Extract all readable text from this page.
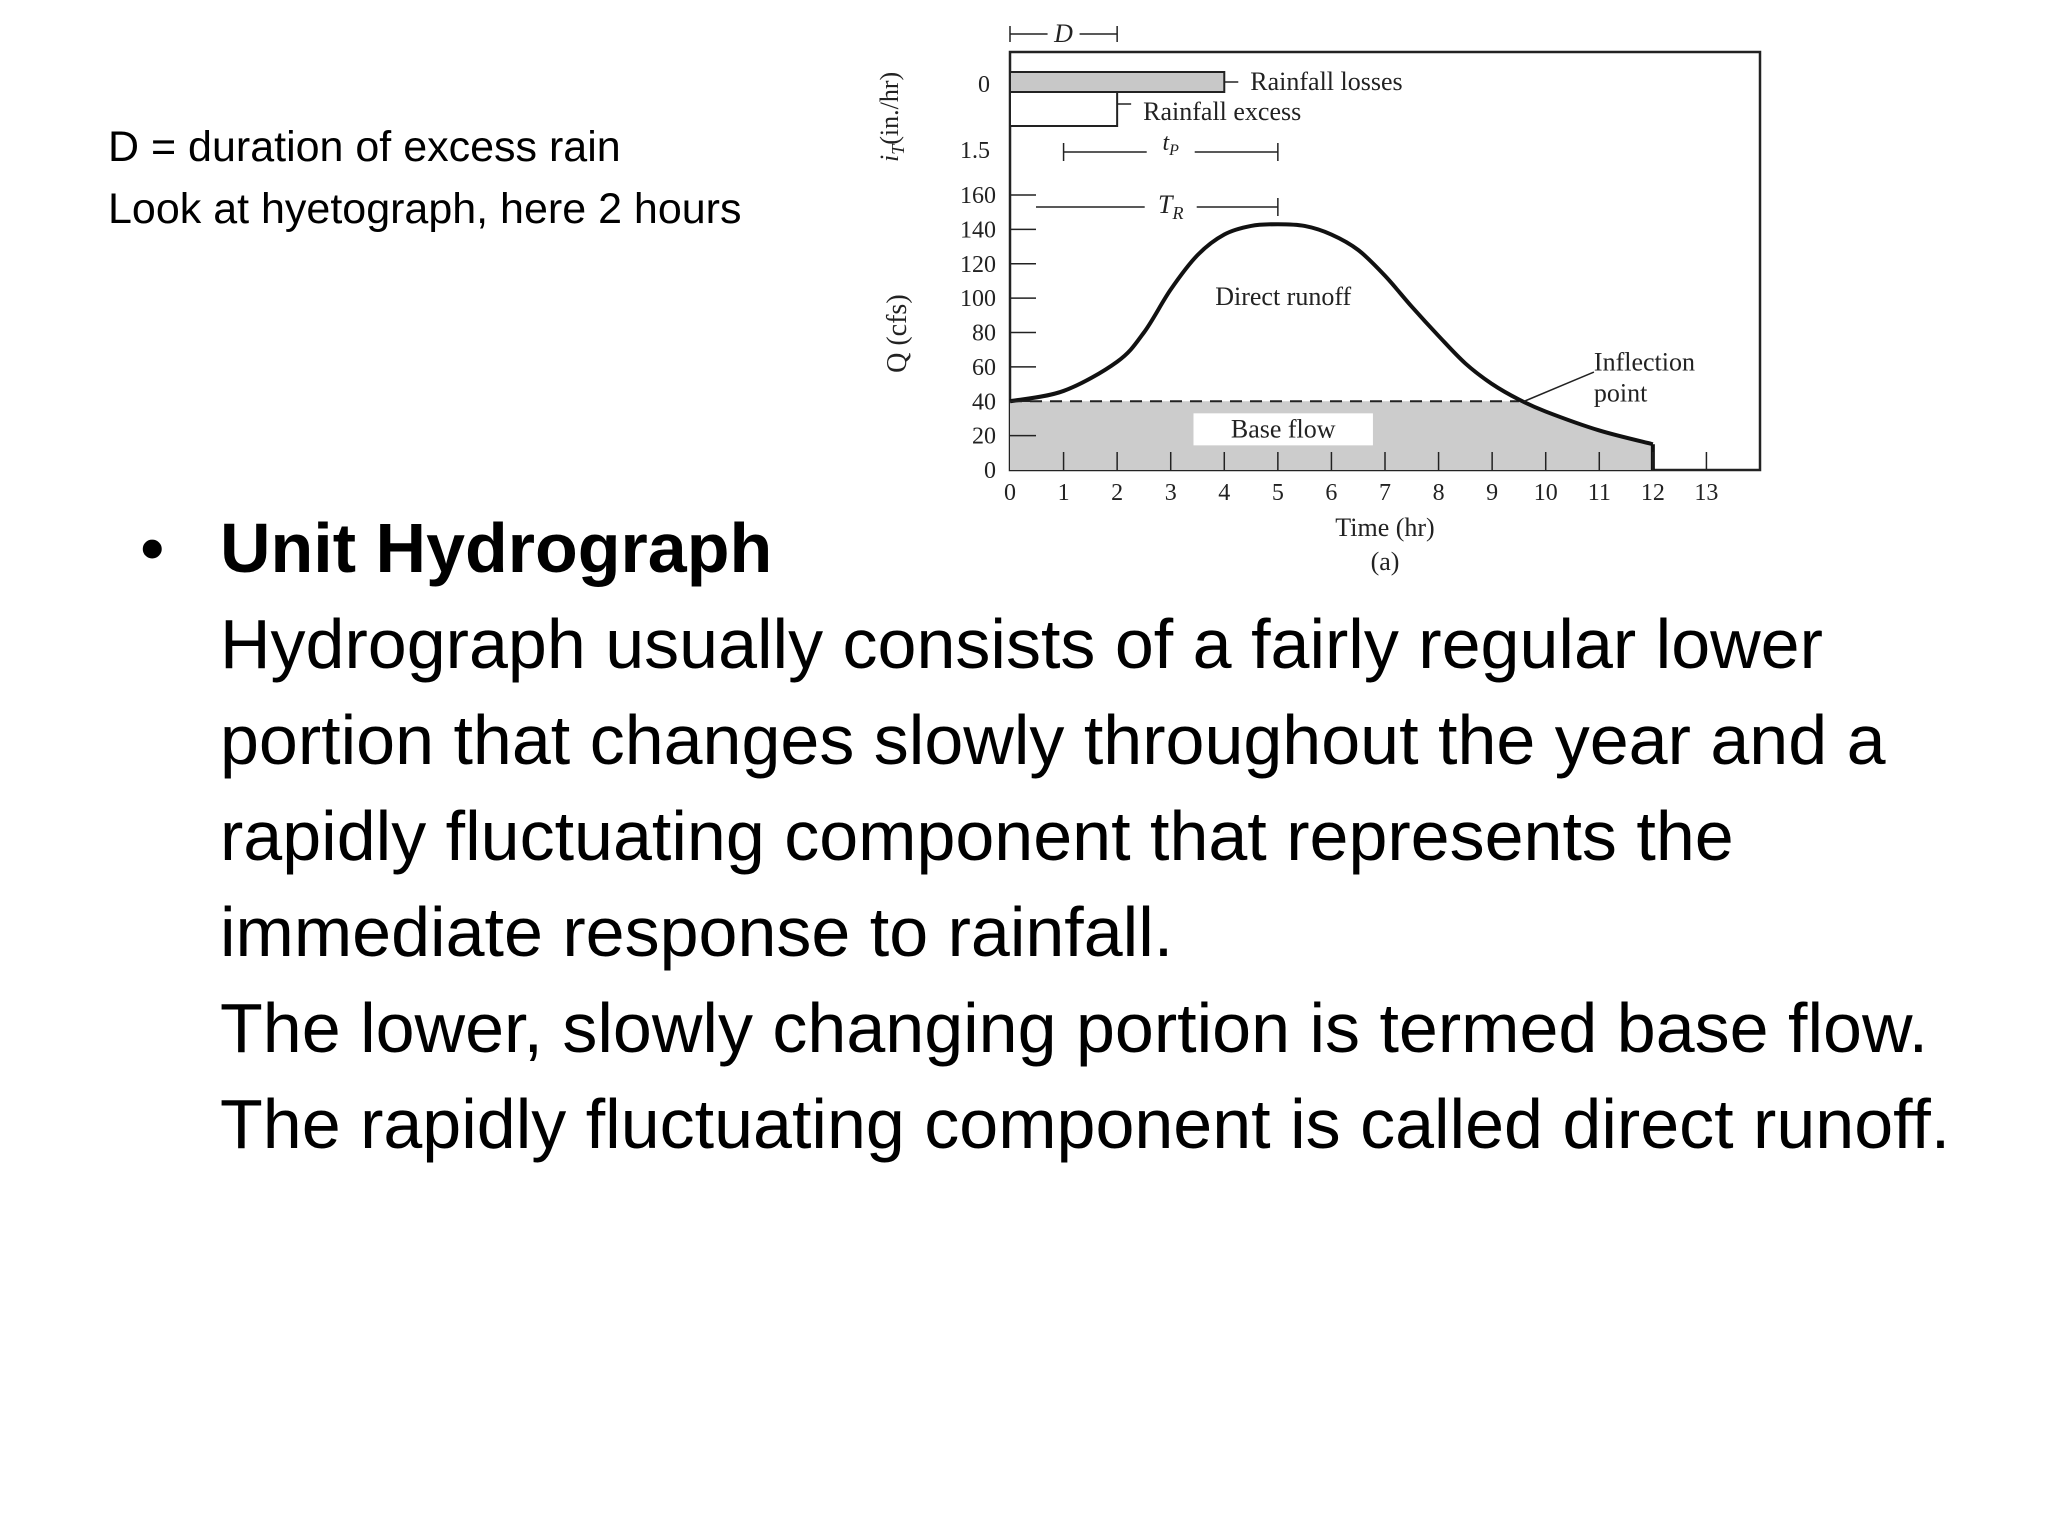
D = duration of excess rain
Look at hyetograph, here 2 hours
Rainfall losses
Rainfall excess
0
1.5
$i_T(in./hr)$
D
$t_P$
$T_R$
0
20
40
60
80
100
120
140
160
Q (cfs)
0 1 2 3 4 5 6 7 8 9 10 11 12 13
Time (hr)
(a)
Direct runoff
Base flow
Inflection
point
• Unit Hydrograph

Hydrograph usually consists of a fairly regular lower portion that changes slowly throughout the year and a rapidly fluctuating component that represents the immediate response to rainfall.

The lower, slowly changing portion is termed base flow. The rapidly fluctuating component is called direct runoff.
